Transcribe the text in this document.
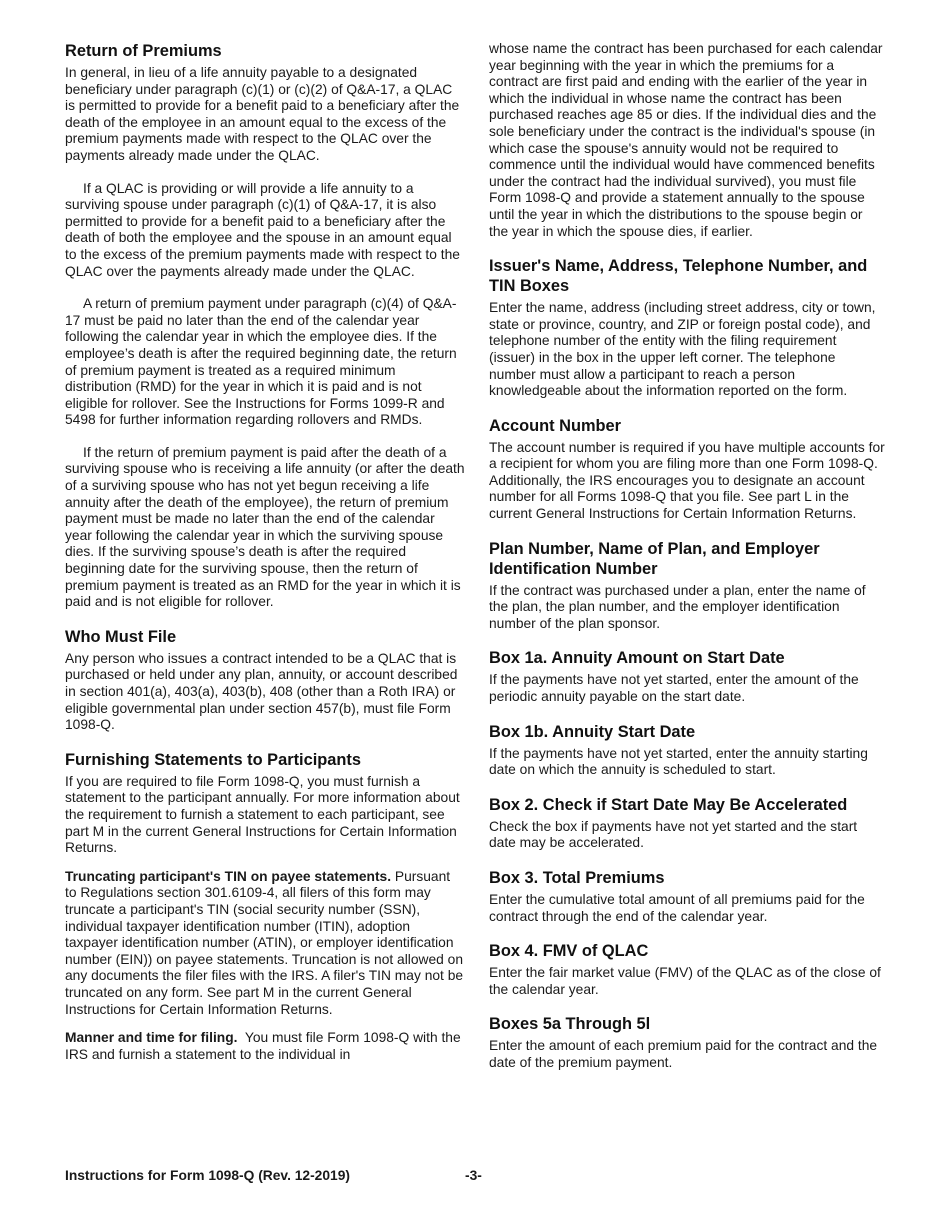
Return of Premiums

In general, in lieu of a life annuity payable to a designated beneficiary under paragraph (c)(1) or (c)(2) of Q&A-17, a QLAC is permitted to provide for a benefit paid to a beneficiary after the death of the employee in an amount equal to the excess of the premium payments made with respect to the QLAC over the payments already made under the QLAC.

If a QLAC is providing or will provide a life annuity to a surviving spouse under paragraph (c)(1) of Q&A-17, it is also permitted to provide for a benefit paid to a beneficiary after the death of both the employee and the spouse in an amount equal to the excess of the premium payments made with respect to the QLAC over the payments already made under the QLAC.

A return of premium payment under paragraph (c)(4) of Q&A-17 must be paid no later than the end of the calendar year following the calendar year in which the employee dies. If the employee’s death is after the required beginning date, the return of premium payment is treated as a required minimum distribution (RMD) for the year in which it is paid and is not eligible for rollover. See the Instructions for Forms 1099-R and 5498 for further information regarding rollovers and RMDs.

If the return of premium payment is paid after the death of a surviving spouse who is receiving a life annuity (or after the death of a surviving spouse who has not yet begun receiving a life annuity after the death of the employee), the return of premium payment must be made no later than the end of the calendar year following the calendar year in which the surviving spouse dies. If the surviving spouse’s death is after the required beginning date for the surviving spouse, then the return of premium payment is treated as an RMD for the year in which it is paid and is not eligible for rollover.

Who Must File

Any person who issues a contract intended to be a QLAC that is purchased or held under any plan, annuity, or account described in section 401(a), 403(a), 403(b), 408 (other than a Roth IRA) or eligible governmental plan under section 457(b), must file Form 1098-Q.

Furnishing Statements to Participants

If you are required to file Form 1098-Q, you must furnish a statement to the participant annually. For more information about the requirement to furnish a statement to each participant, see part M in the current General Instructions for Certain Information Returns.

Truncating participant's TIN on payee statements. Pursuant to Regulations section 301.6109-4, all filers of this form may truncate a participant's TIN (social security number (SSN), individual taxpayer identification number (ITIN), adoption taxpayer identification number (ATIN), or employer identification number (EIN)) on payee statements. Truncation is not allowed on any documents the filer files with the IRS. A filer's TIN may not be truncated on any form. See part M in the current General Instructions for Certain Information Returns.

Manner and time for filing. You must file Form 1098-Q with the IRS and furnish a statement to the individual in

whose name the contract has been purchased for each calendar year beginning with the year in which the premiums for a contract are first paid and ending with the earlier of the year in which the individual in whose name the contract has been purchased reaches age 85 or dies. If the individual dies and the sole beneficiary under the contract is the individual's spouse (in which case the spouse's annuity would not be required to commence until the individual would have commenced benefits under the contract had the individual survived), you must file Form 1098-Q and provide a statement annually to the spouse until the year in which the distributions to the spouse begin or the year in which the spouse dies, if earlier.

Issuer's Name, Address, Telephone Number, and TIN Boxes

Enter the name, address (including street address, city or town, state or province, country, and ZIP or foreign postal code), and telephone number of the entity with the filing requirement (issuer) in the box in the upper left corner. The telephone number must allow a participant to reach a person knowledgeable about the information reported on the form.

Account Number

The account number is required if you have multiple accounts for a recipient for whom you are filing more than one Form 1098-Q. Additionally, the IRS encourages you to designate an account number for all Forms 1098-Q that you file. See part L in the current General Instructions for Certain Information Returns.

Plan Number, Name of Plan, and Employer Identification Number

If the contract was purchased under a plan, enter the name of the plan, the plan number, and the employer identification number of the plan sponsor.

Box 1a. Annuity Amount on Start Date

If the payments have not yet started, enter the amount of the periodic annuity payable on the start date.

Box 1b. Annuity Start Date

If the payments have not yet started, enter the annuity starting date on which the annuity is scheduled to start.

Box 2. Check if Start Date May Be Accelerated

Check the box if payments have not yet started and the start date may be accelerated.

Box 3. Total Premiums

Enter the cumulative total amount of all premiums paid for the contract through the end of the calendar year.

Box 4. FMV of QLAC

Enter the fair market value (FMV) of the QLAC as of the close of the calendar year.

Boxes 5a Through 5l

Enter the amount of each premium paid for the contract and the date of the premium payment.

Instructions for Form 1098-Q (Rev. 12-2019)	-3-
